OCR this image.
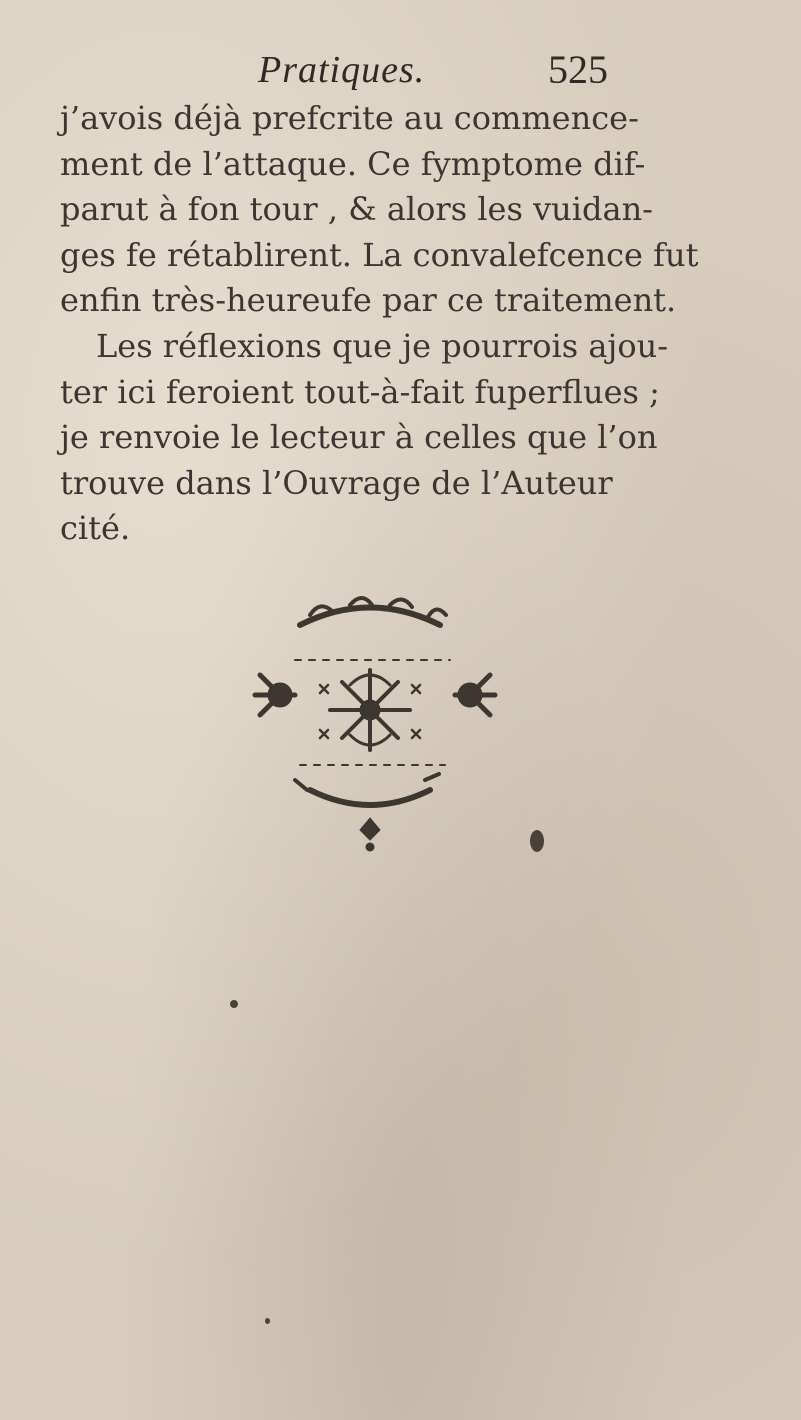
Pratiques.	525
j’avois déjà prefcrite au commence-
ment de l’attaque. Ce fymptome dif-
parut à fon tour , & alors les vuidan-
ges fe rétablirent. La convalefcence fut
enfin très-heureufe par ce traitement.
Les réflexions que je pourrois ajou-
ter ici feroient tout-à-fait fuperflues ;
je renvoie le lecteur à celles que l’on
trouve dans l’Ouvrage de l’Auteur
cité.
